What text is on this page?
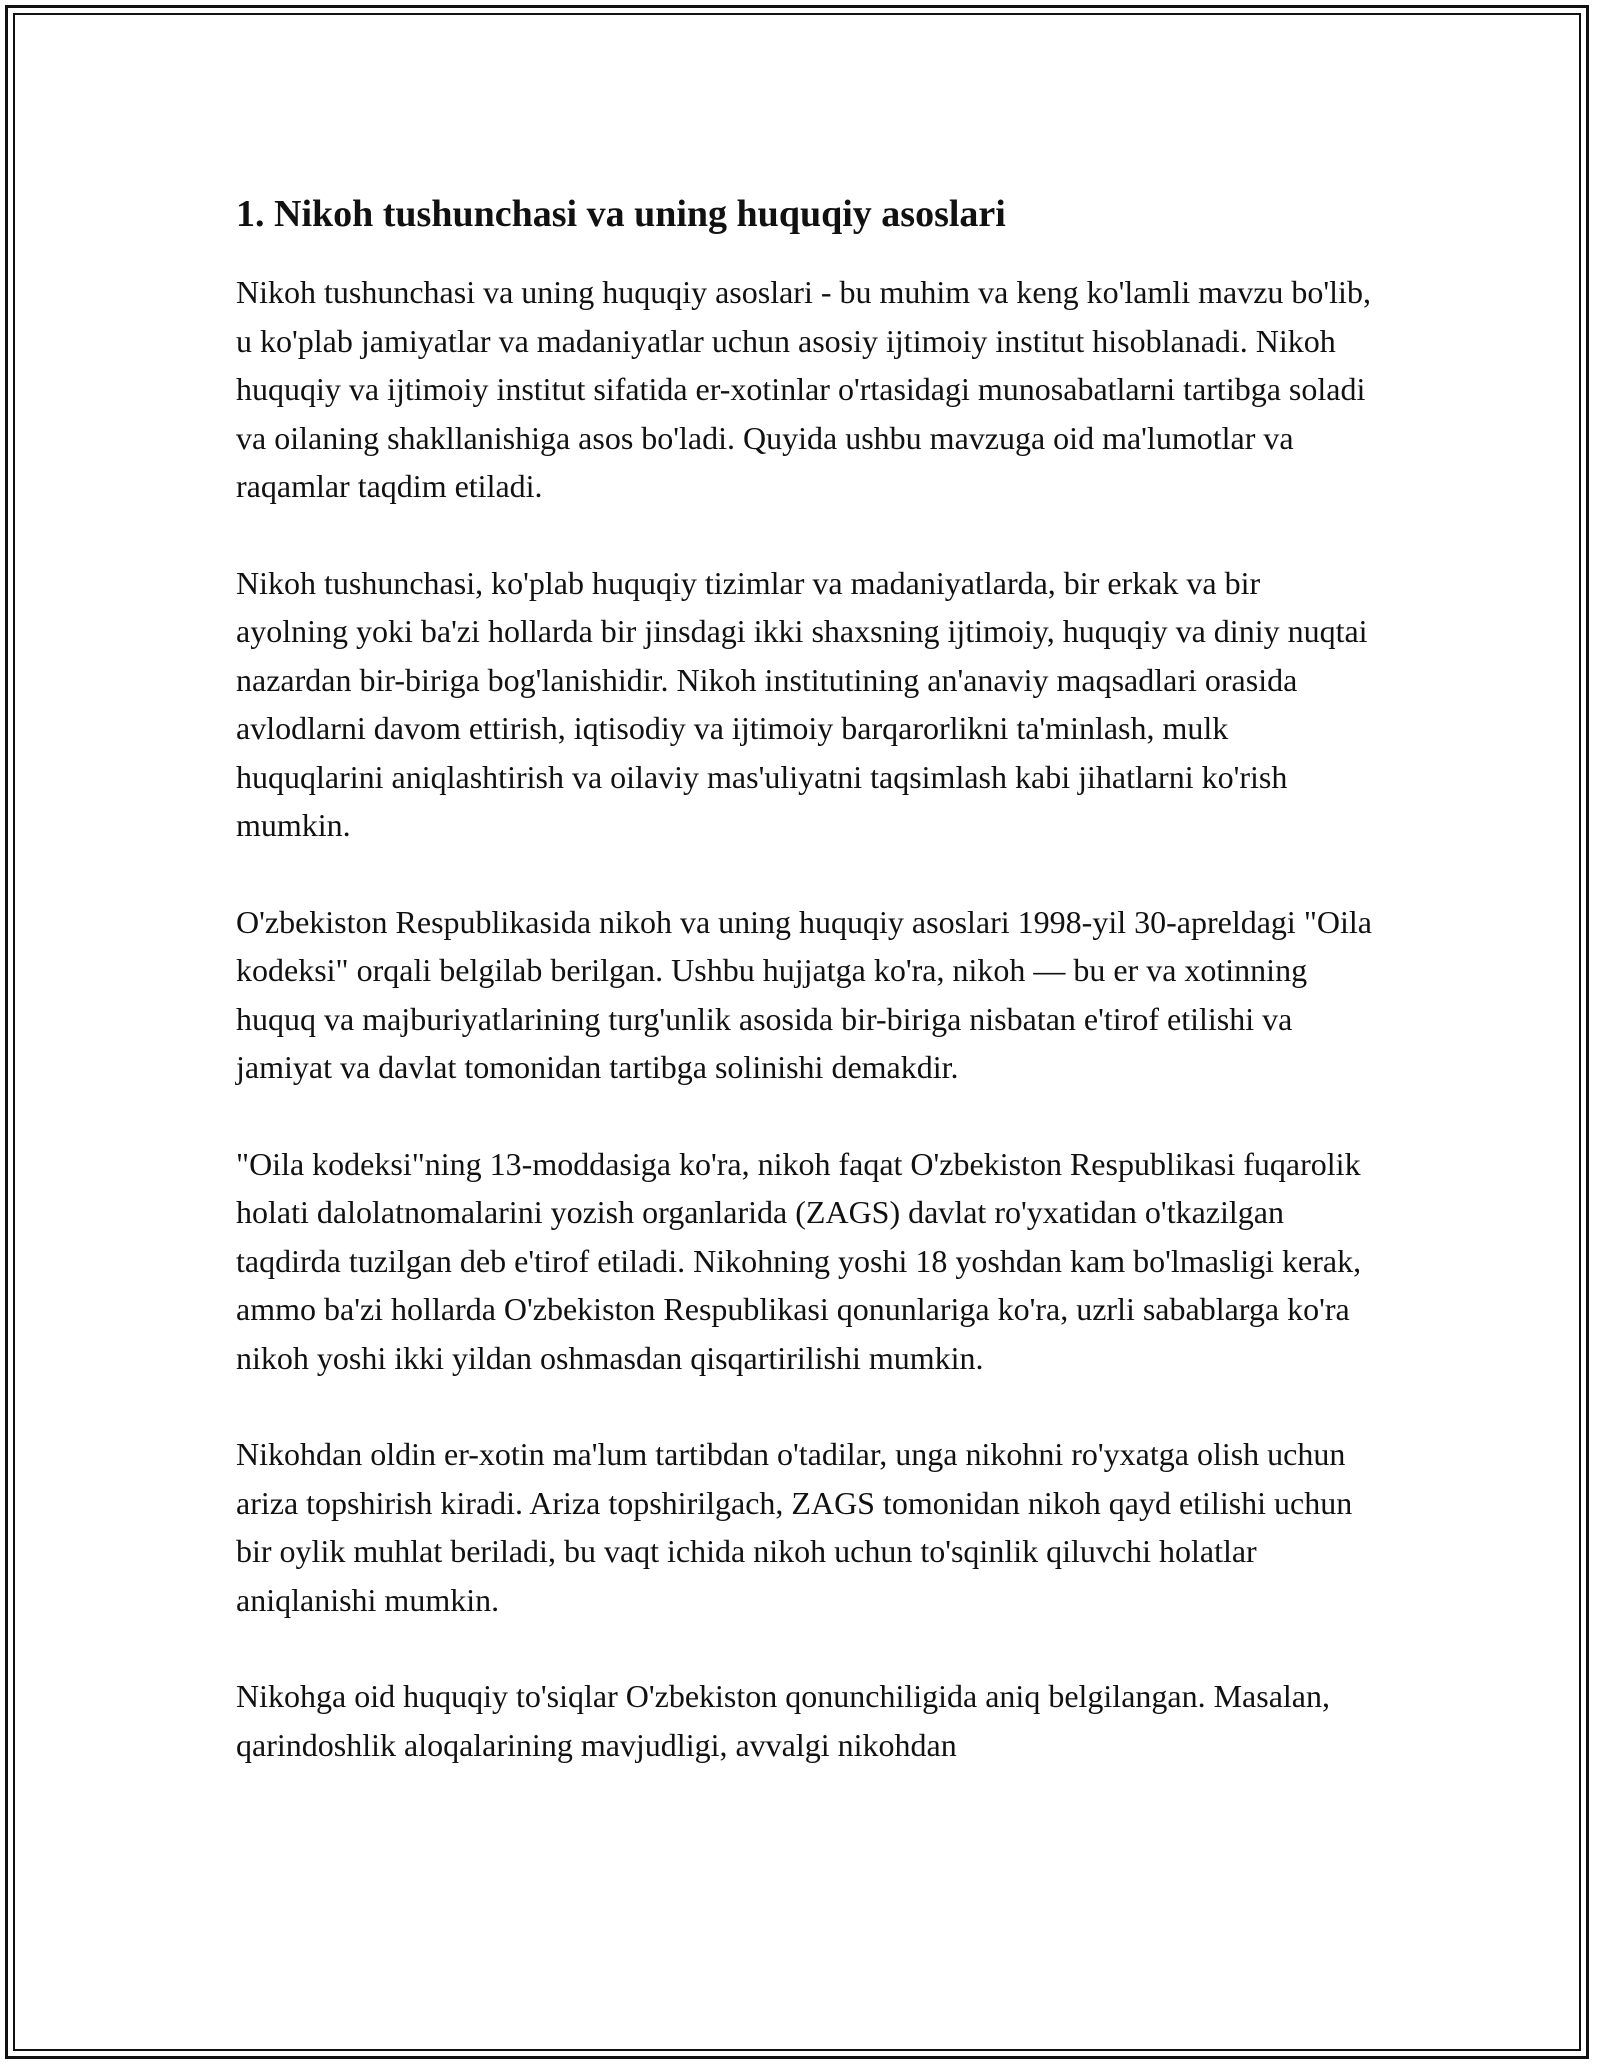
1. Nikoh tushunchasi va uning huquqiy asoslari

Nikoh tushunchasi va uning huquqiy asoslari - bu muhim va keng ko'lamli mavzu bo'lib, u ko'plab jamiyatlar va madaniyatlar uchun asosiy ijtimoiy institut hisoblanadi. Nikoh huquqiy va ijtimoiy institut sifatida er-xotinlar o'rtasidagi munosabatlarni tartibga soladi va oilaning shakllanishiga asos bo'ladi. Quyida ushbu mavzuga oid ma'lumotlar va raqamlar taqdim etiladi.

Nikoh tushunchasi, ko'plab huquqiy tizimlar va madaniyatlarda, bir erkak va bir ayolning yoki ba'zi hollarda bir jinsdagi ikki shaxsning ijtimoiy, huquqiy va diniy nuqtai nazardan bir-biriga bog'lanishidir. Nikoh institutining an'anaviy maqsadlari orasida avlodlarni davom ettirish, iqtisodiy va ijtimoiy barqarorlikni ta'minlash, mulk huquqlarini aniqlashtirish va oilaviy mas'uliyatni taqsimlash kabi jihatlarni ko'rish mumkin.

O'zbekiston Respublikasida nikoh va uning huquqiy asoslari 1998-yil 30-apreldagi "Oila kodeksi" orqali belgilab berilgan. Ushbu hujjatga ko'ra, nikoh — bu er va xotinning huquq va majburiyatlarining turg'unlik asosida bir-biriga nisbatan e'tirof etilishi va jamiyat va davlat tomonidan tartibga solinishi demakdir.

"Oila kodeksi"ning 13-moddasiga ko'ra, nikoh faqat O'zbekiston Respublikasi fuqarolik holati dalolatnomalarini yozish organlarida (ZAGS) davlat ro'yxatidan o'tkazilgan taqdirda tuzilgan deb e'tirof etiladi. Nikohning yoshi 18 yoshdan kam bo'lmasligi kerak, ammo ba'zi hollarda O'zbekiston Respublikasi qonunlariga ko'ra, uzrli sabablarga ko'ra nikoh yoshi ikki yildan oshmasdan qisqartirilishi mumkin.

Nikohdan oldin er-xotin ma'lum tartibdan o'tadilar, unga nikohni ro'yxatga olish uchun ariza topshirish kiradi. Ariza topshirilgach, ZAGS tomonidan nikoh qayd etilishi uchun bir oylik muhlat beriladi, bu vaqt ichida nikoh uchun to'sqinlik qiluvchi holatlar aniqlanishi mumkin.

Nikohga oid huquqiy to'siqlar O'zbekiston qonunchiligida aniq belgilangan. Masalan, qarindoshlik aloqalarining mavjudligi, avvalgi nikohdan
